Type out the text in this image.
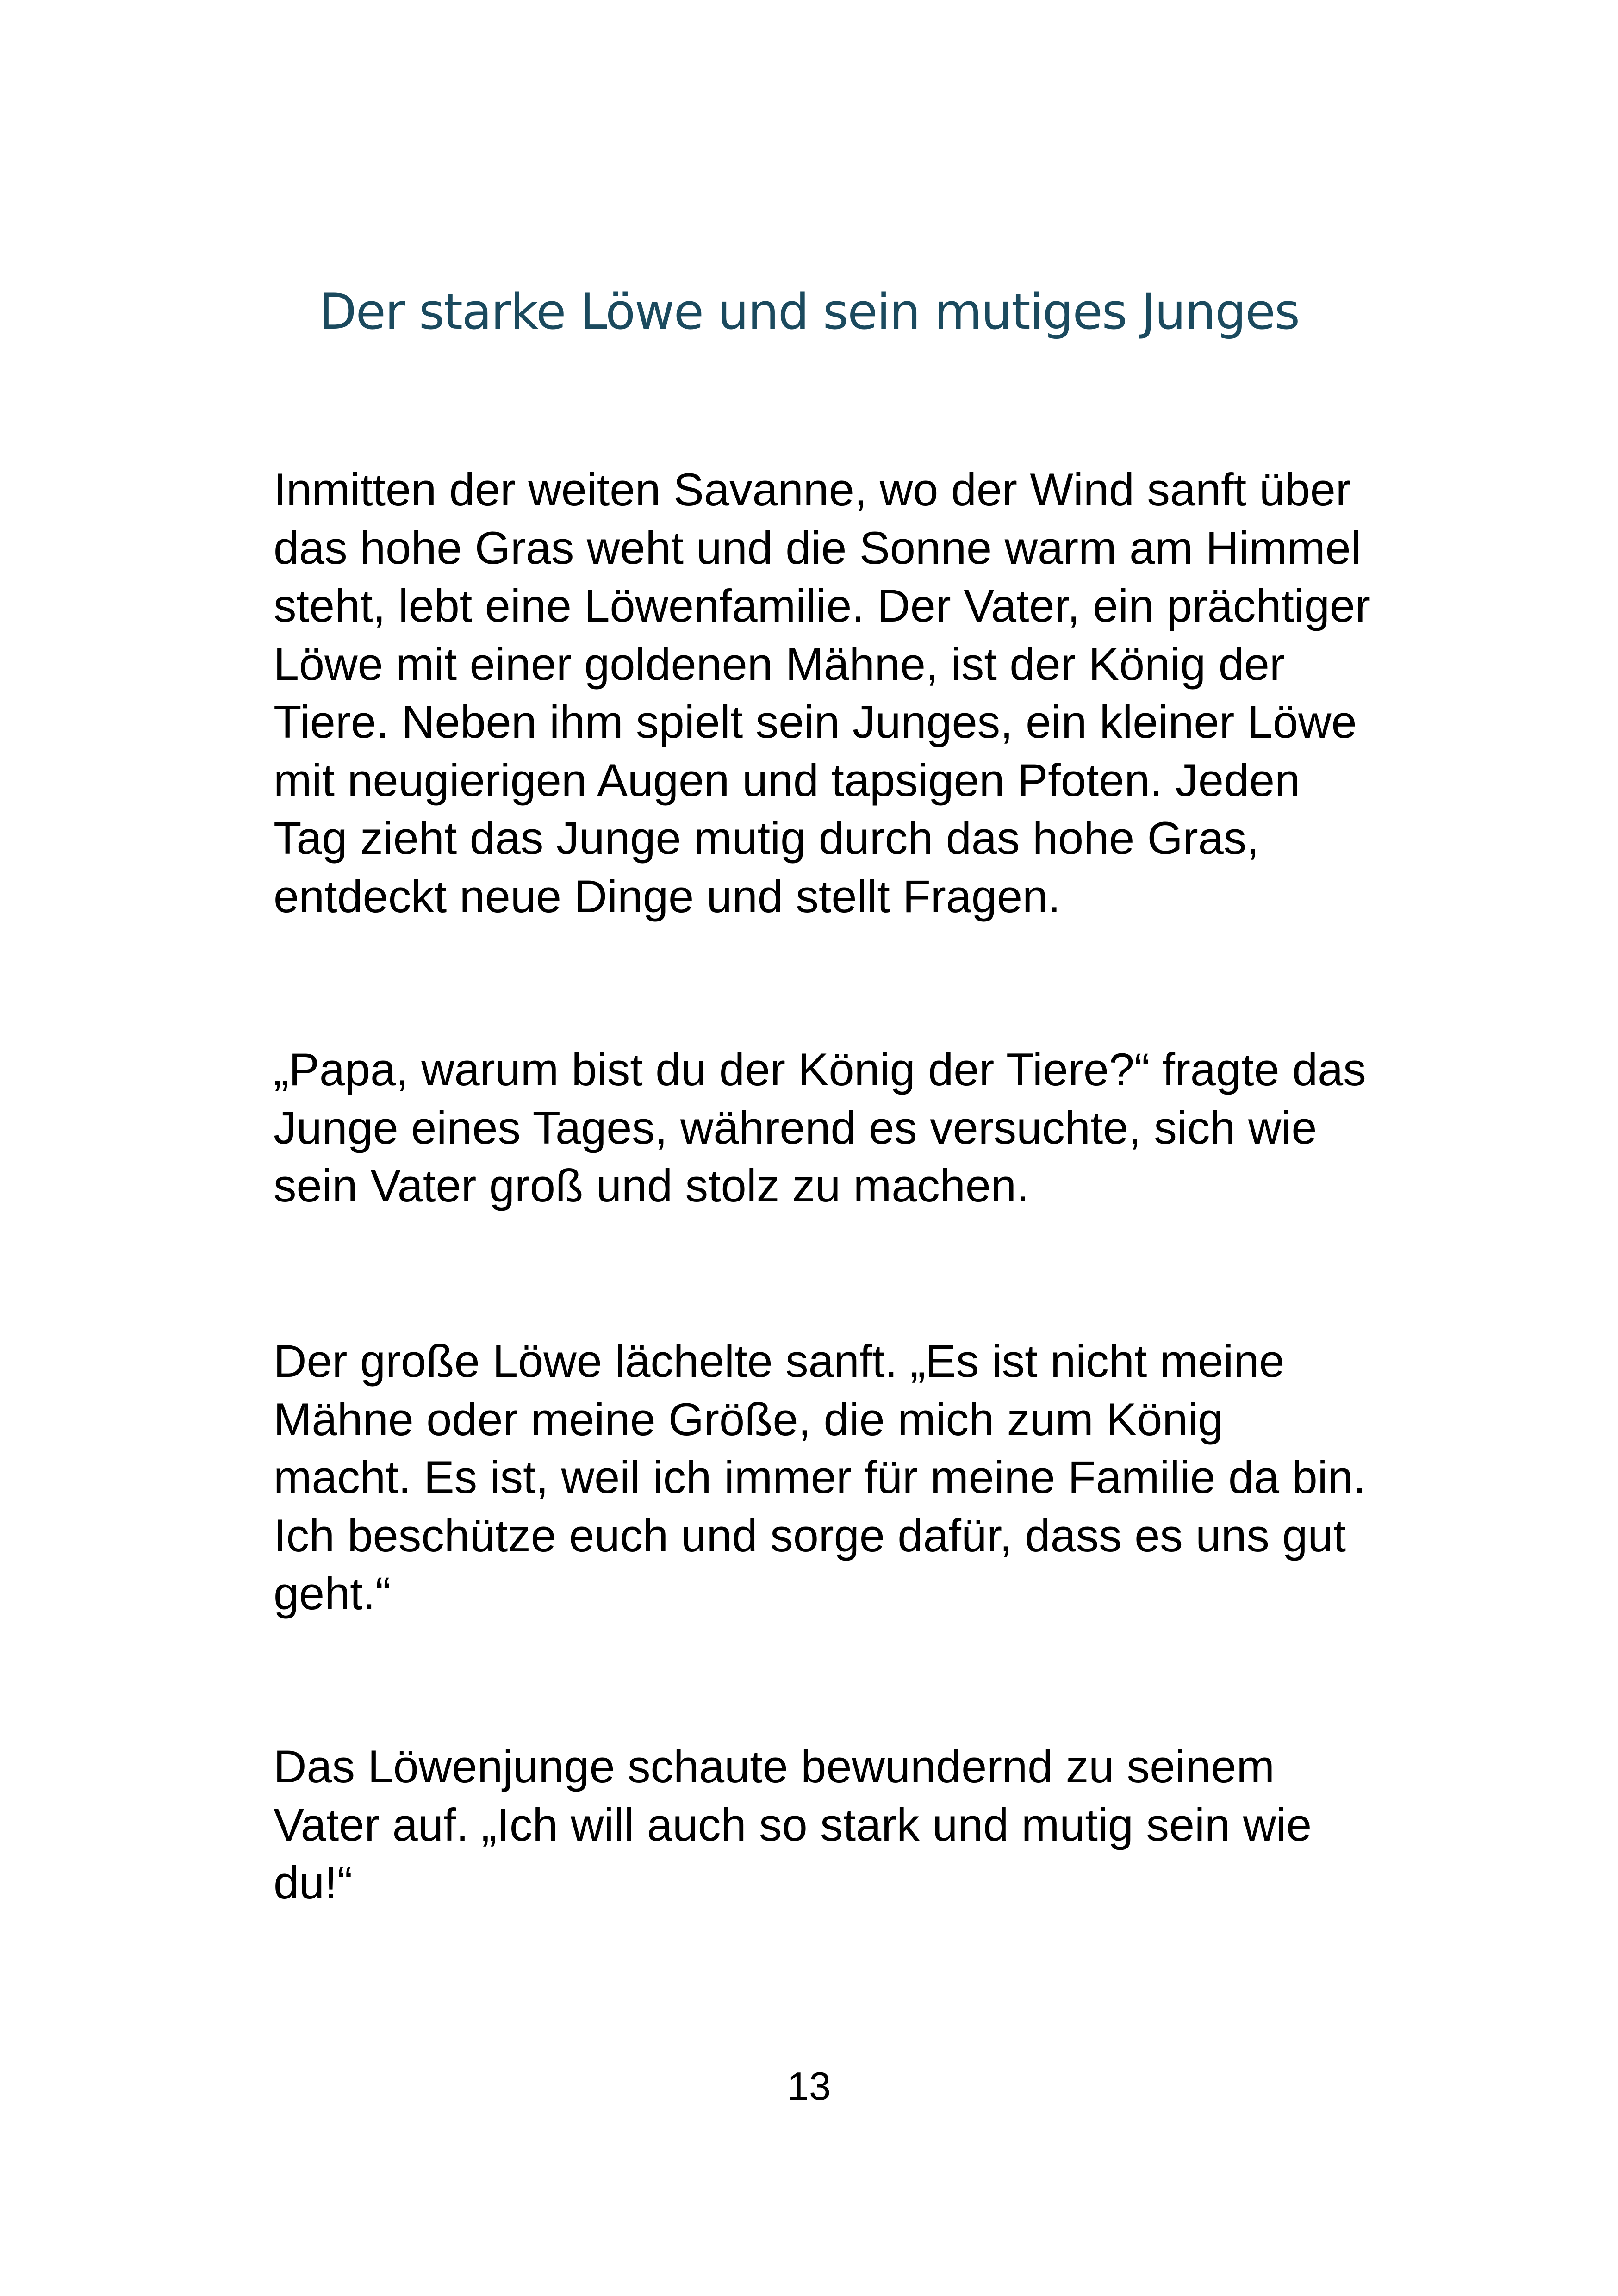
Der starke Löwe und sein mutiges Junges

Inmitten der weiten Savanne, wo der Wind sanft über das hohe Gras weht und die Sonne warm am Himmel steht, lebt eine Löwenfamilie. Der Vater, ein prächtiger Löwe mit einer goldenen Mähne, ist der König der Tiere. Neben ihm spielt sein Junges, ein kleiner Löwe mit neugierigen Augen und tapsigen Pfoten. Jeden Tag zieht das Junge mutig durch das hohe Gras, entdeckt neue Dinge und stellt Fragen.

„Papa, warum bist du der König der Tiere?“ fragte das Junge eines Tages, während es versuchte, sich wie sein Vater groß und stolz zu machen.

Der große Löwe lächelte sanft. „Es ist nicht meine Mähne oder meine Größe, die mich zum König macht. Es ist, weil ich immer für meine Familie da bin. Ich beschütze euch und sorge dafür, dass es uns gut geht.“

Das Löwenjunge schaute bewundernd zu seinem Vater auf. „Ich will auch so stark und mutig sein wie du!“

13
